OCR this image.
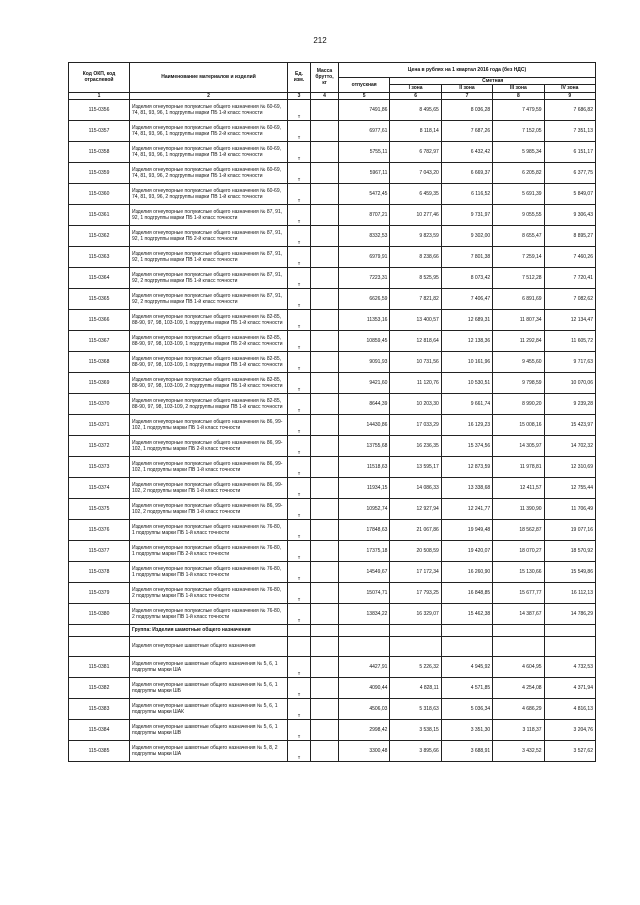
212
Код ОКП, код отраслевой	Наименование материалов и изделий	Ед. изм.	Масса брутто, кг	Цена в рублях на 1 квартал 2016 года (без НДС)				
				отпускная	Сметная			
					I зона	II зона	III зона	IV зона
1	2	3	4	5	6	7	8	9
115-0356	Изделия огнеупорные полукислые общего назначения № 60-69, 74, 81, 93, 96, 1 подгруппы марки ПБ 1-й класс точности	т		7491,86	8 495,65	8 036,28	7 479,59	7 686,82
115-0357	Изделия огнеупорные полукислые общего назначения № 60-69, 74, 81, 93, 96, 1 подгруппы марки ПБ 2-й класс точности	т		6977,61	8 118,14	7 687,26	7 152,05	7 351,13
115-0358	Изделия огнеупорные полукислые общего назначения № 60-69, 74, 81, 93, 96, 1 подгруппы марки ПВ 1-й класс точности	т		5755,11	6 782,97	6 432,42	5 985,34	6 151,17
115-0359	Изделия огнеупорные полукислые общего назначения № 60-69, 74, 81, 93, 96, 2 подгруппы марки ПБ 1-й класс точности	т		5967,11	7 043,20	6 669,37	6 205,82	6 377,75
115-0360	Изделия огнеупорные полукислые общего назначения № 60-69, 74, 81, 93, 96, 2 подгруппы марки ПВ 1-й класс точности	т		5472,45	6 459,35	6 116,52	5 691,39	5 849,07
115-0361	Изделия огнеупорные полукислые общего назначения № 87, 91, 92, 1 подгруппы марки ПБ 1-й класс точности	т		8707,21	10 277,46	9 731,97	9 055,55	9 306,43
115-0362	Изделия огнеупорные полукислые общего назначения № 87, 91, 92, 1 подгруппы марки ПБ 2-й класс точности	т		8332,53	9 823,59	9 302,00	8 655,47	8 895,27
115-0363	Изделия огнеупорные полукислые общего назначения № 87, 91, 92, 1 подгруппы марки ПВ 1-й класс точности	т		6979,91	8 238,66	7 801,38	7 259,14	7 460,26
115-0364	Изделия огнеупорные полукислые общего назначения № 87, 91, 92, 2 подгруппы марки ПБ 1-й класс точности	т		7223,31	8 525,95	8 073,42	7 512,28	7 720,41
115-0365	Изделия огнеупорные полукислые общего назначения № 87, 91, 92, 2 подгруппы марки ПВ 1-й класс точности	т		6626,59	7 821,82	7 406,47	6 891,69	7 082,62
115-0366	Изделия огнеупорные полукислые общего назначения № 82-85, 88-90, 97, 98, 103-109, 1 подгруппы марки ПБ 1-й класс точности	т		11353,16	13 400,57	12 689,31	11 807,34	12 134,47
115-0367	Изделия огнеупорные полукислые общего назначения № 82-85, 88-90, 97, 98, 103-109, 1 подгруппы марки ПБ 2-й класс точности	т		10859,45	12 818,64	12 138,36	11 292,84	11 605,72
115-0368	Изделия огнеупорные полукислые общего назначения № 82-85, 88-90, 97, 98, 103-109, 1 подгруппы марки ПВ 1-й класс точности	т		9091,93	10 731,56	10 161,96	9 455,60	9 717,63
115-0369	Изделия огнеупорные полукислые общего назначения № 82-85, 88-90, 97, 98, 103-109, 2 подгруппы марки ПБ 1-й класс точности	т		9421,60	11 120,76	10 530,51	9 798,59	10 070,06
115-0370	Изделия огнеупорные полукислые общего назначения № 82-85, 88-90, 97, 98, 103-109, 2 подгруппы марки ПВ 1-й класс точности	т		8644,39	10 203,30	9 661,74	8 990,20	9 239,28
115-0371	Изделия огнеупорные полукислые общего назначения № 86, 99-102, 1 подгруппы марки ПБ 1-й класс точности	т		14430,86	17 033,29	16 129,23	15 008,16	15 423,97
115-0372	Изделия огнеупорные полукислые общего назначения № 86, 99-102, 1 подгруппы марки ПБ 2-й класс точности	т		13755,68	16 236,35	15 374,56	14 305,97	14 702,32
115-0373	Изделия огнеупорные полукислые общего назначения № 86, 99-102, 1 подгруппы марки ПВ 1-й класс точности	т		11518,63	13 595,17	12 873,59	11 978,81	12 310,69
115-0374	Изделия огнеупорные полукислые общего назначения № 86, 99-102, 2 подгруппы марки ПБ 1-й класс точности	т		11934,15	14 086,33	13 338,68	12 411,57	12 755,44
115-0375	Изделия огнеупорные полукислые общего назначения № 86, 99-102, 2 подгруппы марки ПВ 1-й класс точности	т		10952,74	12 927,94	12 241,77	11 390,90	11 706,49
115-0376	Изделия огнеупорные полукислые общего назначения № 76-80, 1 подгруппы марки ПБ 1-й класс точности	т		17848,63	21 067,86	19 949,48	18 562,87	19 077,16
115-0377	Изделия огнеупорные полукислые общего назначения № 76-80, 1 подгруппы марки ПБ 2-й класс точности	т		17375,18	20 508,59	19 420,07	18 070,27	18 570,92
115-0378	Изделия огнеупорные полукислые общего назначения № 76-80, 1 подгруппы марки ПВ 1-й класс точности	т		14549,67	17 172,34	16 260,90	15 130,66	15 549,86
115-0379	Изделия огнеупорные полукислые общего назначения № 76-80, 2 подгруппы марки ПБ 1-й класс точности	т		15074,71	17 793,25	16 848,85	15 677,77	16 112,13
115-0380	Изделия огнеупорные полукислые общего назначения № 76-80, 2 подгруппы марки ПВ 1-й класс точности	т		13834,22	16 329,07	15 462,38	14 387,67	14 786,29
	Группа: Изделия шамотные общего назначения							
	Изделия огнеупорные шамотные общего назначения							
115-0381	Изделия огнеупорные шамотные общего назначения № 5, 6, 1 подгруппы марки ША	т		4427,91	5 226,32	4 945,92	4 604,95	4 732,53
115-0382	Изделия огнеупорные шамотные общего назначения № 5, 6, 1 подгруппы марки ШБ	т		4090,44	4 828,11	4 571,85	4 254,08	4 371,94
115-0383	Изделия огнеупорные шамотные общего назначения № 5, 6, 1 подгруппы марки ШАК	т		4506,03	5 318,63	5 036,34	4 686,29	4 816,13
115-0384	Изделия огнеупорные шамотные общего назначения № 5, 6, 1 подгруппы марки ШВ	т		2998,42	3 538,15	3 351,30	3 118,37	3 204,76
115-0385	Изделия огнеупорные шамотные общего назначения № 5, 8, 2 подгруппы марки ША	т		3300,48	3 895,66	3 688,91	3 432,52	3 527,62
